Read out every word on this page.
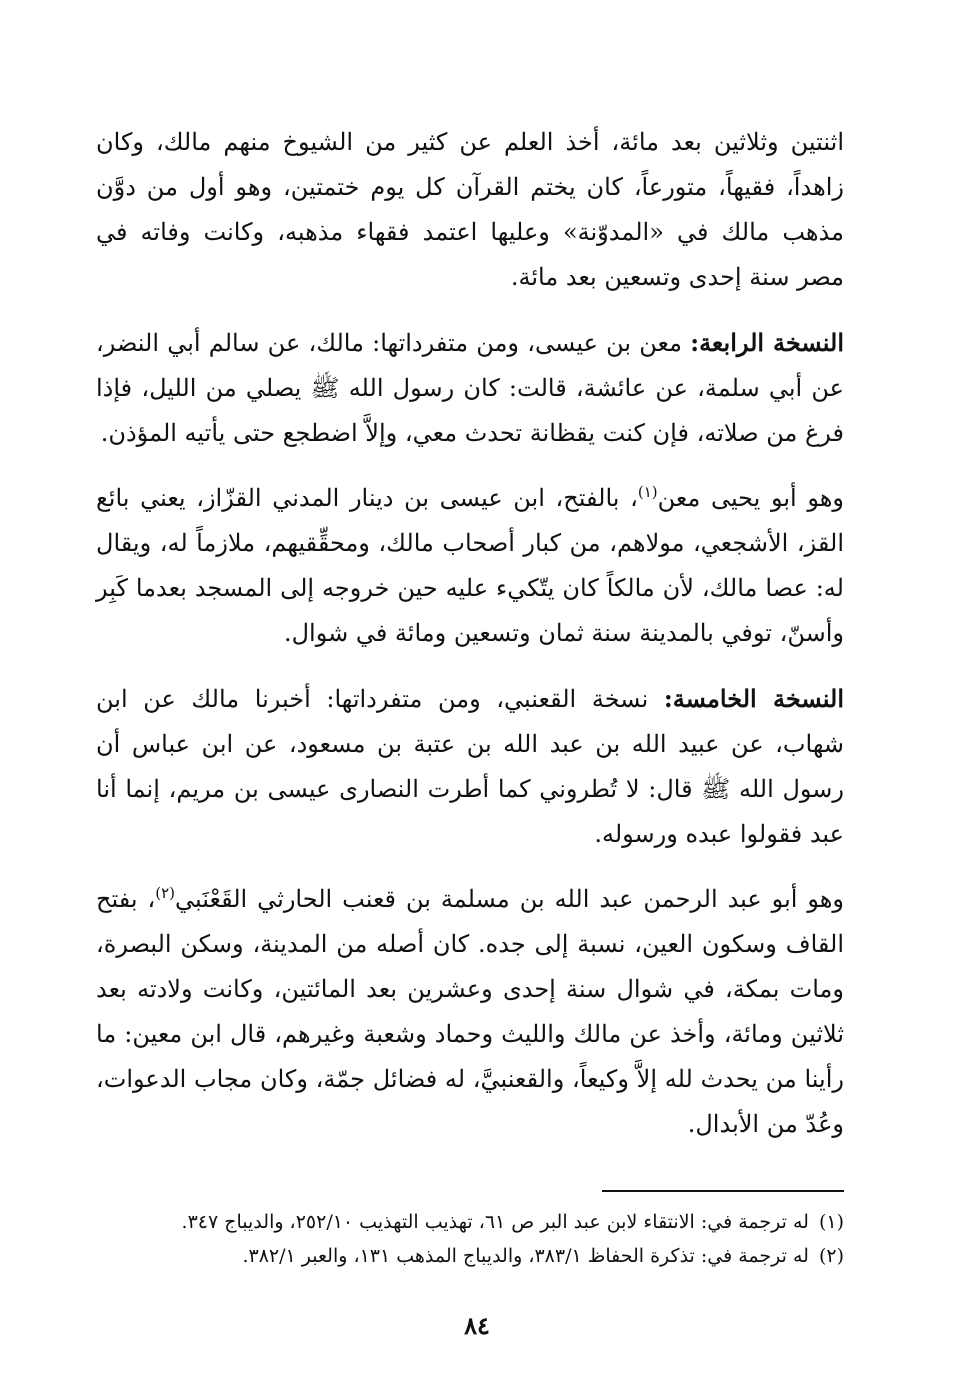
اثنتين وثلاثين بعد مائة، أخذ العلم عن كثير من الشيوخ منهم مالك، وكان زاهداً، فقيهاً، متورعاً، كان يختم القرآن كل يوم ختمتين، وهو أول من دوَّن مذهب مالك في «المدوّنة» وعليها اعتمد فقهاء مذهبه، وكانت وفاته في مصر سنة إحدى وتسعين بعد مائة.

النسخة الرابعة: معن بن عيسى، ومن متفرداتها: مالك، عن سالم أبي النضر، عن أبي سلمة، عن عائشة، قالت: كان رسول الله ﷺ يصلي من الليل، فإذا فرغ من صلاته، فإن كنت يقظانة تحدث معي، وإلاَّ اضطجع حتى يأتيه المؤذن.

وهو أبو يحيى معن$^{(١)}$، بالفتح، ابن عيسى بن دينار المدني القزّاز، يعني بائع القز، الأشجعي، مولاهم، من كبار أصحاب مالك، ومحقِّقيهم، ملازماً له، ويقال له: عصا مالك، لأن مالكاً كان يتّكيء عليه حين خروجه إلى المسجد بعدما كَبِر وأسنّ، توفي بالمدينة سنة ثمان وتسعين ومائة في شوال.

النسخة الخامسة: نسخة القعنبي، ومن متفرداتها: أخبرنا مالك عن ابن شهاب، عن عبيد الله بن عبد الله بن عتبة بن مسعود، عن ابن عباس أن رسول الله ﷺ قال: لا تُطروني كما أطرت النصارى عيسى بن مريم، إنما أنا عبد فقولوا عبده ورسوله.

وهو أبو عبد الرحمن عبد الله بن مسلمة بن قعنب الحارثي القَعْنَبي$^{(٢)}$، بفتح القاف وسكون العين، نسبة إلى جده. كان أصله من المدينة، وسكن البصرة، ومات بمكة، في شوال سنة إحدى وعشرين بعد المائتين، وكانت ولادته بعد ثلاثين ومائة، وأخذ عن مالك والليث وحماد وشعبة وغيرهم، قال ابن معين: ما رأينا من يحدث لله إلاَّ وكيعاً، والقعنبيَّ، له فضائل جمّة، وكان مجاب الدعوات، وعُدّ من الأبدال.

(١)له ترجمة في: الانتقاء لابن عبد البر ص ٦١، تهذيب التهذيب ٢٥٢/١٠، والديباج ٣٤٧.
(٢)له ترجمة في: تذكرة الحفاظ ٣٨٣/١، والديباج المذهب ١٣١، والعبر ٣٨٢/١.
٨٤
